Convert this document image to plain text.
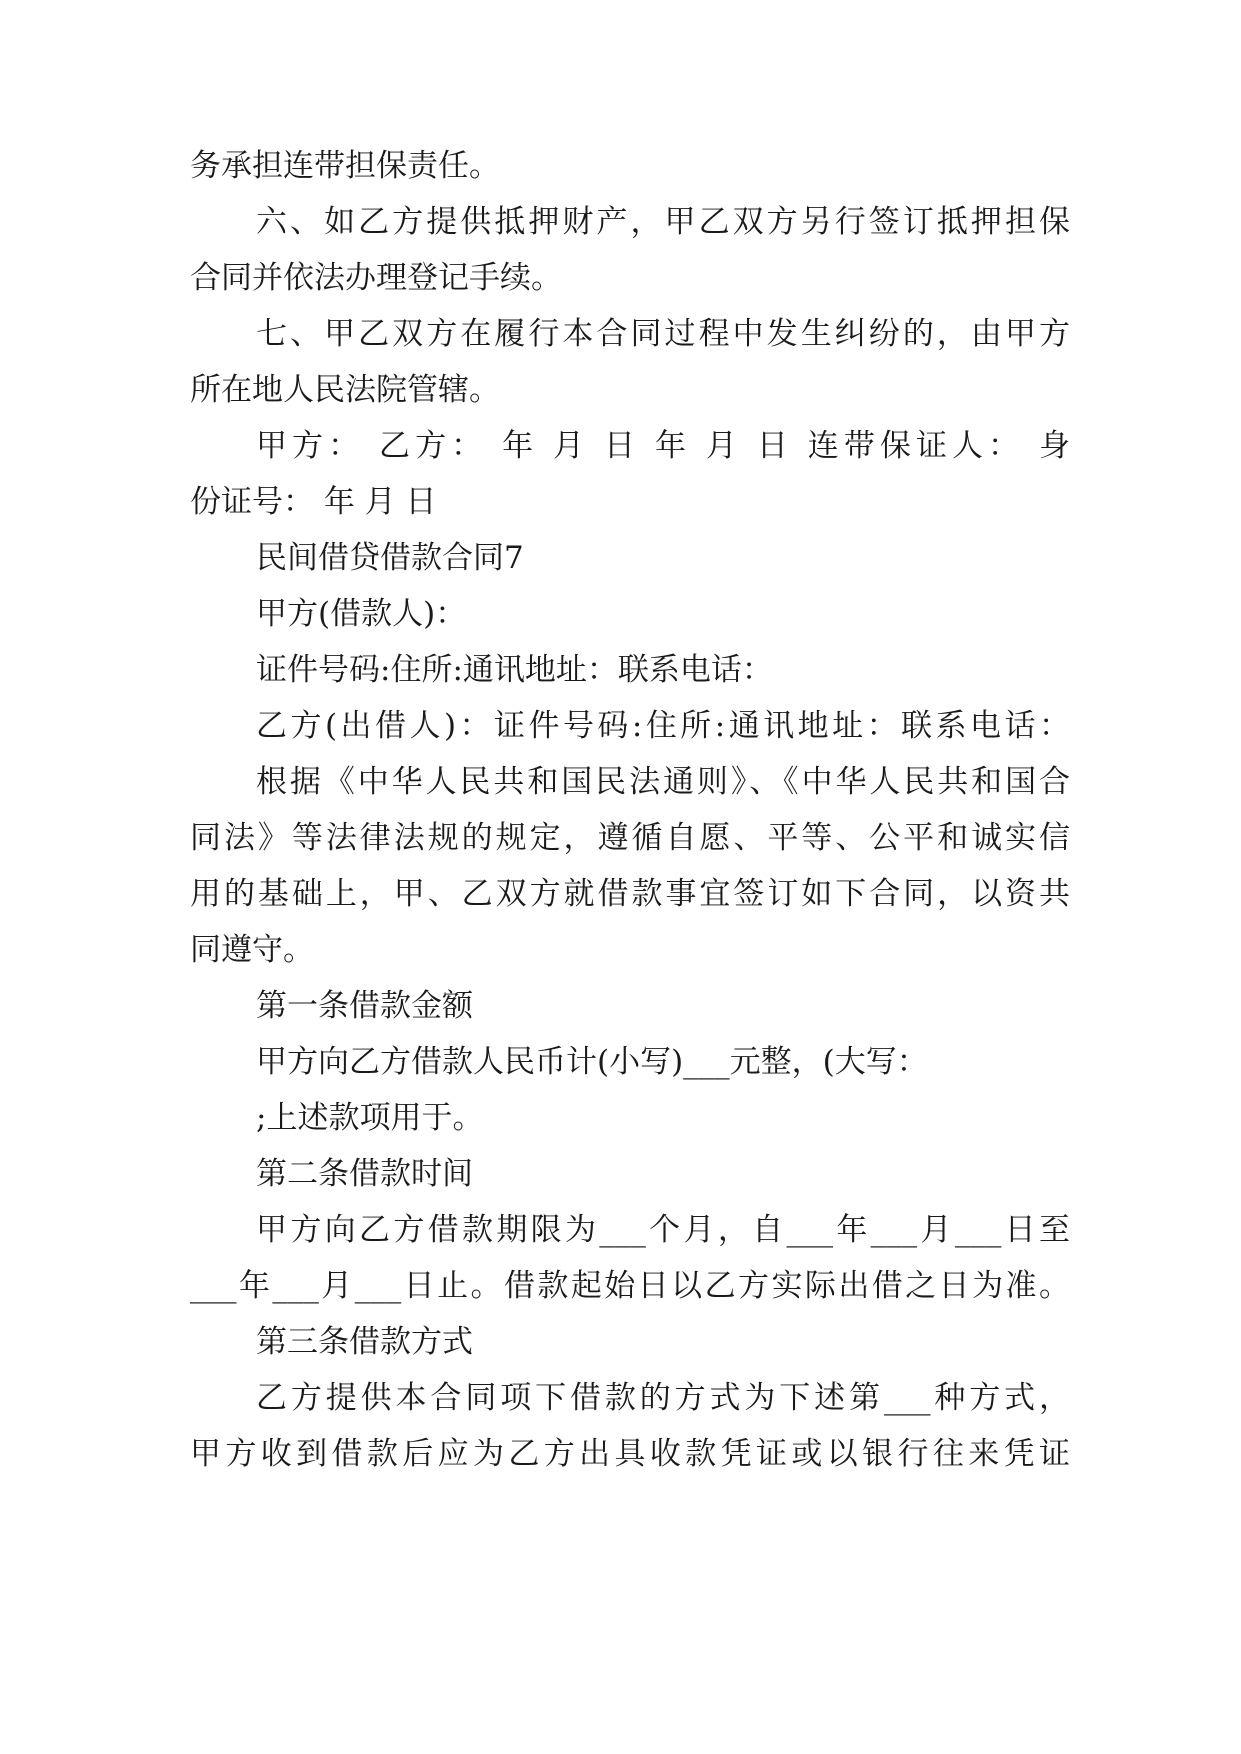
务承担连带担保责任。
六、如乙方提供抵押财产，甲乙双方另行签订抵押担保
合同并依法办理登记手续。
七、甲乙双方在履行本合同过程中发生纠纷的，由甲方
所在地人民法院管辖。
甲方： 乙方： 年 月 日 年 月 日 连带保证人： 身
份证号： 年 月 日
民间借贷借款合同7
甲方(借款人)：
证件号码:住所:通讯地址：联系电话：
乙方(出借人)：证件号码:住所:通讯地址：联系电话：
根据《中华人民共和国民法通则》、《中华人民共和国合
同法》等法律法规的规定，遵循自愿、平等、公平和诚实信
用的基础上，甲、乙双方就借款事宜签订如下合同，以资共
同遵守。
第一条借款金额
甲方向乙方借款人民币计(小写)___元整，(大写：
;上述款项用于。
第二条借款时间
甲方向乙方借款期限为___个月，自___年___月___日至
___年___月___日止。借款起始日以乙方实际出借之日为准。
第三条借款方式
乙方提供本合同项下借款的方式为下述第___种方式，
甲方收到借款后应为乙方出具收款凭证或以银行往来凭证
